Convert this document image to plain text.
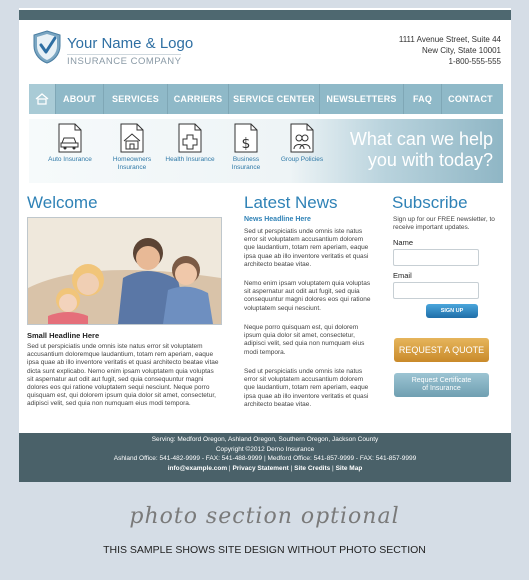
Your Name & Logo
INSURANCE COMPANY
1111 Avenue Street, Suite 44
New City, State 10001
1-800-555-555
ABOUT	SERVICES	CARRIERS	SERVICE CENTER	NEWSLETTERS	FAQ	CONTACT
Auto Insurance	Homeowners
Insurance
Health Insurance

$
Business
Insurance
Group Policies

What can we help
you with today?
Welcome
Small Headline Here
Sed ut perspiciatis unde omnis iste natus error sit voluptatem accusantium doloremque laudantium, totam rem aperiam, eaque ipsa quae ab illo inventore veritatis et quasi architecto beatae vitae dicta sunt explicabo. Nemo enim ipsam voluptatem quia voluptas sit aspernatur aut odit aut fugit, sed quia consequuntur magni dolores eos qui ratione voluptatem sequi nesciunt. Neque porro quisquam est, qui dolorem ipsum quia dolor sit amet, consectetur, adipisci velit, sed quia non numquam eius modi tempora.
Latest News
News Headline Here
Sed ut perspiciatis unde omnis iste natus error sit voluptatem accusantium dolorem que laudantium, totam rem aperiam, eaque ipsa quae ab illo inventore veritatis et quasi architecto beatae vitae.
Nemo enim ipsam voluptatem quia voluptas sit aspernatur aut odit aut fugit, sed quia consequuntur magni dolores eos qui ratione voluptatem sequi nesciunt.
Neque porro quisquam est, qui dolorem ipsum quia dolor sit amet, consectetur, adipisci velit, sed quia non numquam eius modi tempora.
Sed ut perspiciatis unde omnis iste natus error sit voluptatem accusantium dolorem que laudantium, totam rem aperiam, eaque ipsa quae ab illo inventore veritatis et quasi architecto beatae vitae.
Subscribe
Sign up for our FREE newsletter, to receive important updates.
Name
Email
SIGN UP
REQUEST A QUOTE
Request Certificate
of Insurance
Serving: Medford Oregon, Ashland Oregon, Southern Oregon, Jackson County
Copyright ©2012 Demo Insurance
Ashland Office: 541-482-9999 - FAX: 541-488-9999 | Medford Office: 541-857-9999 - FAX: 541-857-9999
info@example.com | Privacy Statement | Site Credits | Site Map
photo section optional
THIS SAMPLE SHOWS SITE DESIGN WITHOUT PHOTO SECTION
